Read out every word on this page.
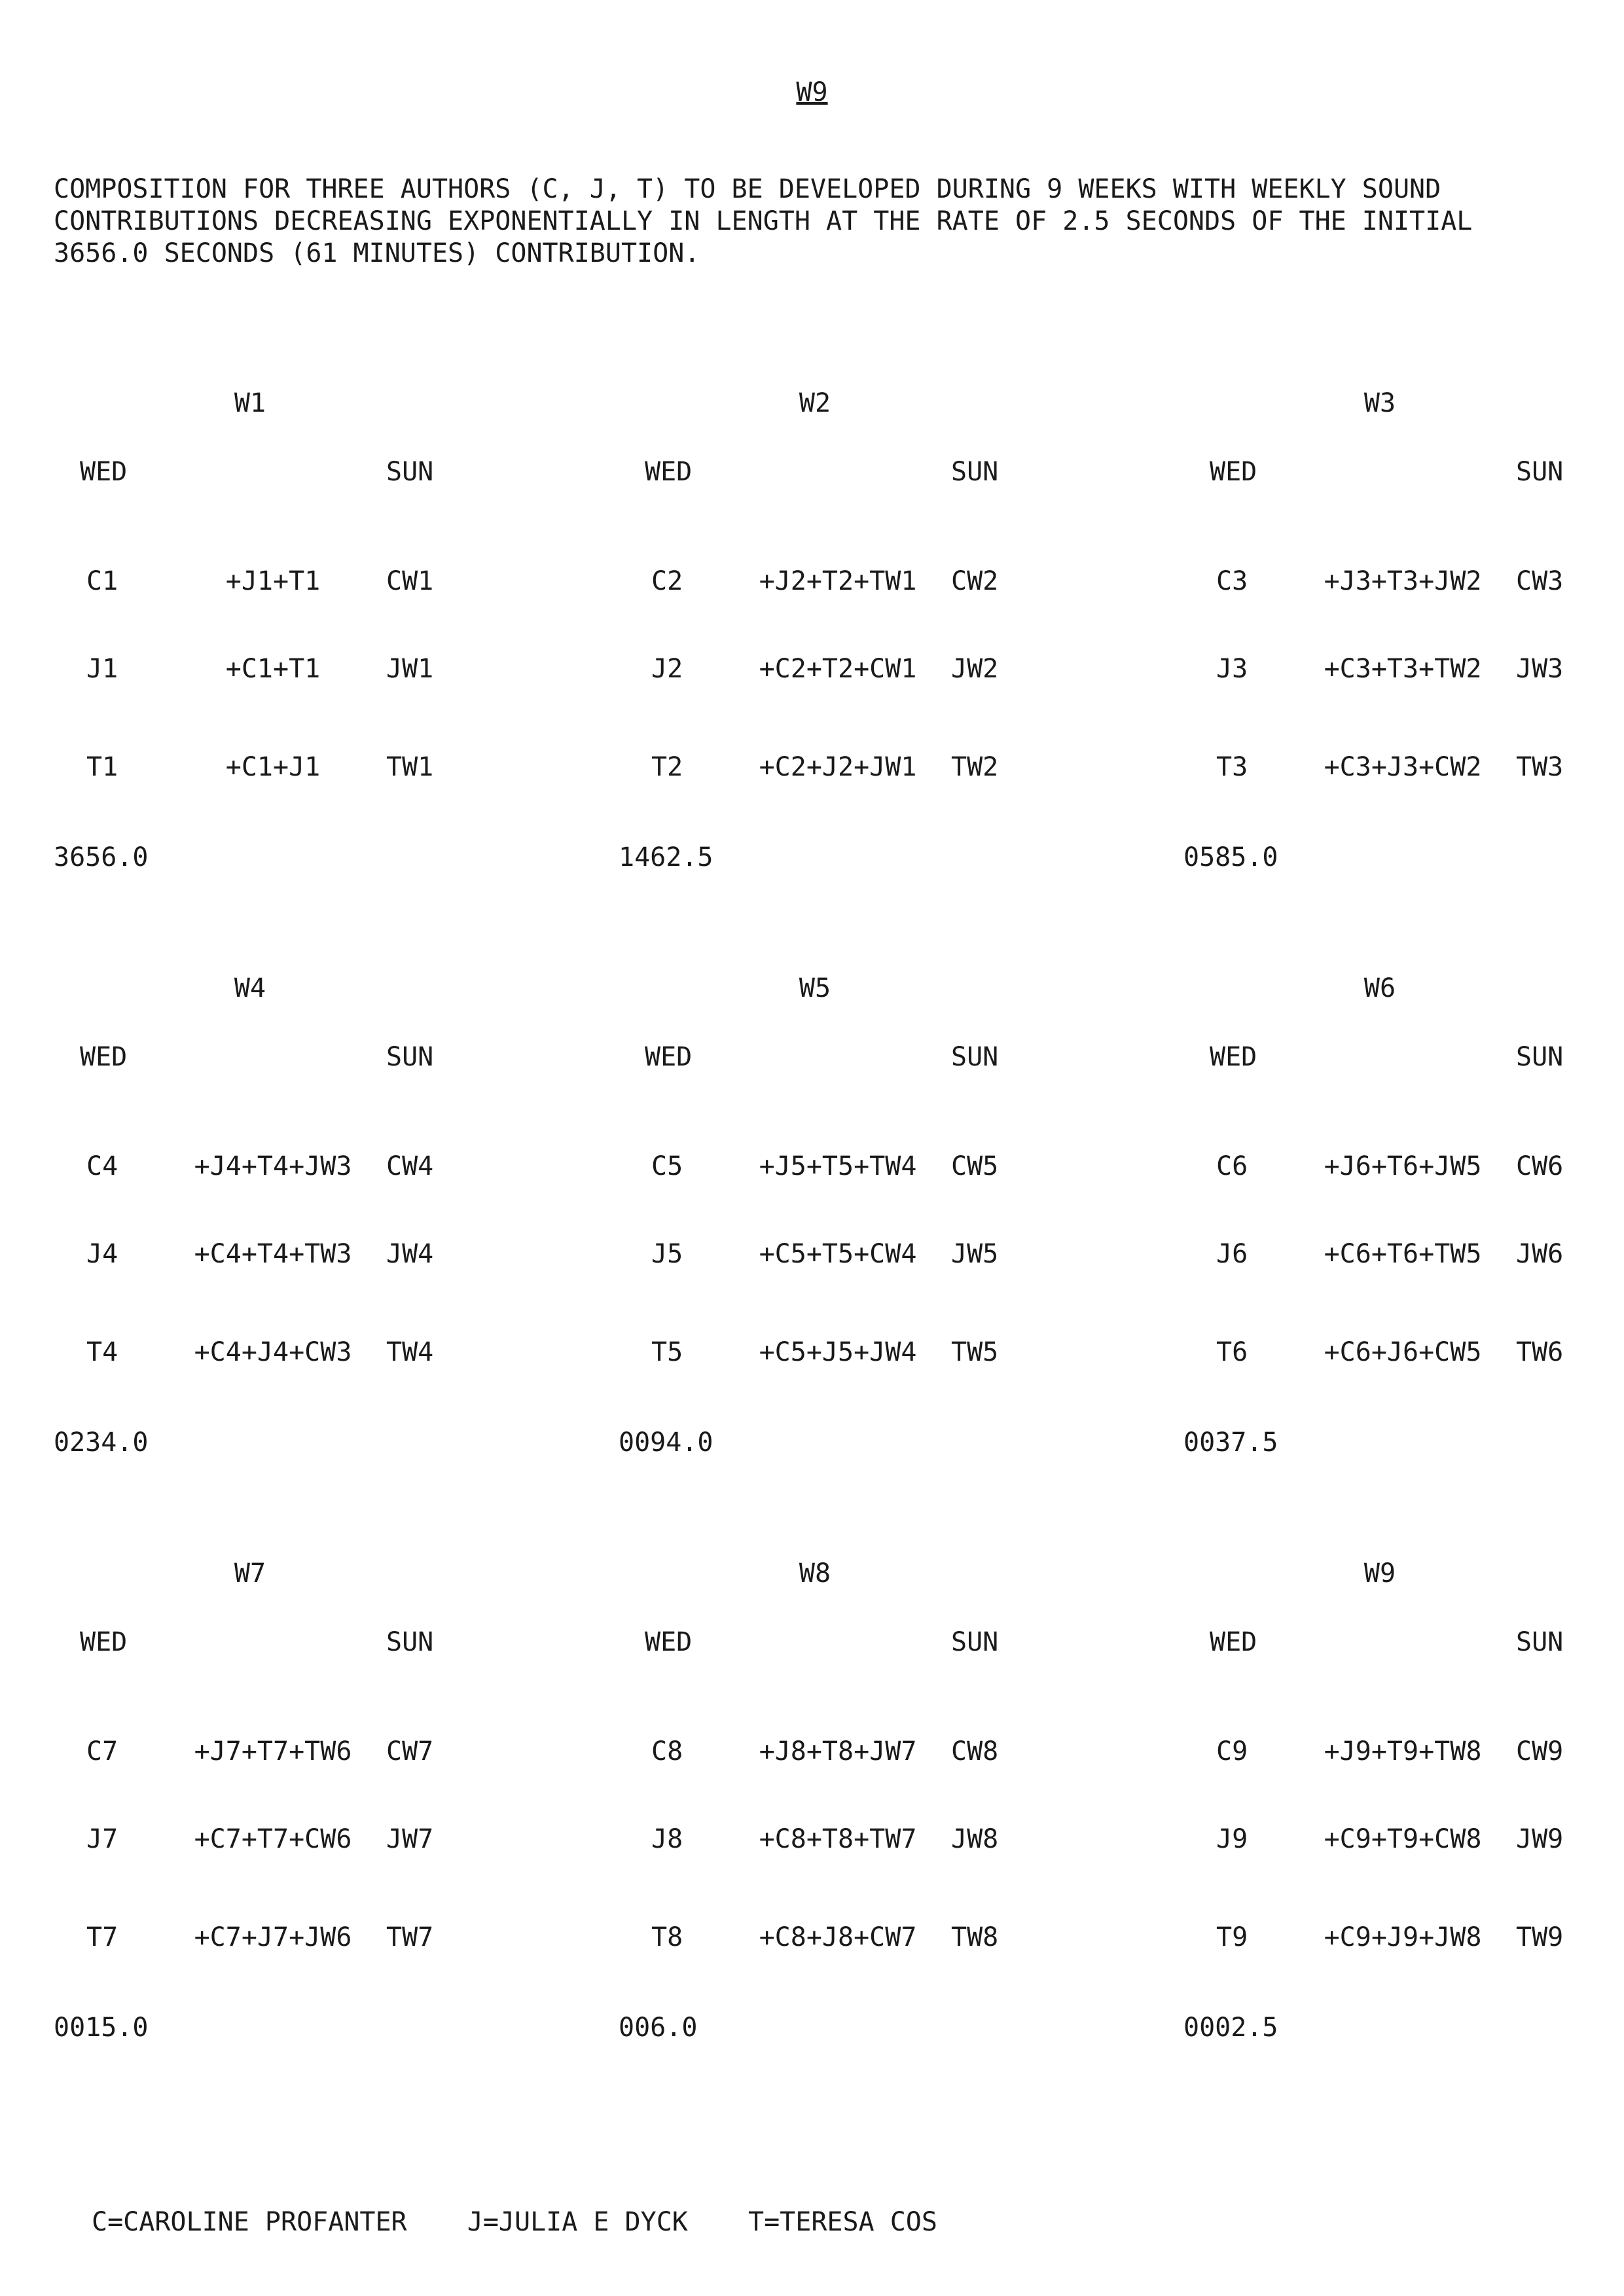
W9
COMPOSITION FOR THREE AUTHORS (C, J, T) TO BE DEVELOPED DURING 9 WEEKS WITH WEEKLY SOUND
CONTRIBUTIONS DECREASING EXPONENTIALLY IN LENGTH AT THE RATE OF 2.5 SECONDS OF THE INITIAL
3656.0 SECONDS (61 MINUTES) CONTRIBUTION.
W1
WED	SUN
C1	+J1+T1	CW1
J1	+C1+T1	JW1
T1	+C1+J1	TW1
3656.0
W2
WED	SUN
C2	+J2+T2+TW1	CW2
J2	+C2+T2+CW1	JW2
T2	+C2+J2+JW1	TW2
1462.5
W3
WED	SUN
C3	+J3+T3+JW2	CW3
J3	+C3+T3+TW2	JW3
T3	+C3+J3+CW2	TW3
0585.0
W4
WED	SUN
C4	+J4+T4+JW3	CW4
J4	+C4+T4+TW3	JW4
T4	+C4+J4+CW3	TW4
0234.0
W5
WED	SUN
C5	+J5+T5+TW4	CW5
J5	+C5+T5+CW4	JW5
T5	+C5+J5+JW4	TW5
0094.0
W6
WED	SUN
C6	+J6+T6+JW5	CW6
J6	+C6+T6+TW5	JW6
T6	+C6+J6+CW5	TW6
0037.5
W7
WED	SUN
C7	+J7+T7+TW6	CW7
J7	+C7+T7+CW6	JW7
T7	+C7+J7+JW6	TW7
0015.0
W8
WED	SUN
C8	+J8+T8+JW7	CW8
J8	+C8+T8+TW7	JW8
T8	+C8+J8+CW7	TW8
006.0
W9
WED	SUN
C9	+J9+T9+TW8	CW9
J9	+C9+T9+CW8	JW9
T9	+C9+J9+JW8	TW9
0002.5
C=CAROLINE PROFANTER J=JULIA E DYCK T=TERESA COS
